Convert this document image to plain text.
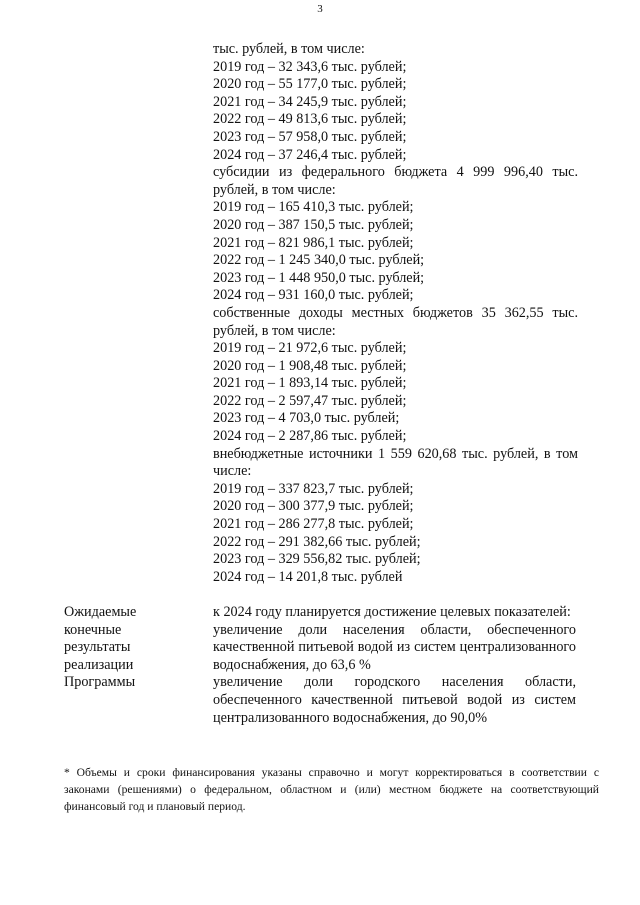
3
тыс. рублей, в том числе:
2019 год – 32 343,6 тыс. рублей;
2020 год – 55 177,0 тыс. рублей;
2021 год – 34 245,9 тыс. рублей;
2022 год – 49 813,6 тыс. рублей;
2023 год – 57 958,0 тыс. рублей;
2024 год – 37 246,4 тыс. рублей;
субсидии из федерального бюджета 4 999 996,40 тыс. рублей, в том числе:
2019 год – 165 410,3 тыс. рублей;
2020 год – 387 150,5 тыс. рублей;
2021 год – 821 986,1 тыс. рублей;
2022 год – 1 245 340,0 тыс. рублей;
2023 год – 1 448 950,0 тыс. рублей;
2024 год – 931 160,0 тыс. рублей;
собственные доходы местных бюджетов 35 362,55 тыс. рублей, в том числе:
2019 год – 21 972,6 тыс. рублей;
2020 год – 1 908,48 тыс. рублей;
2021 год – 1 893,14 тыс. рублей;
2022 год – 2 597,47 тыс. рублей;
2023 год – 4 703,0 тыс. рублей;
2024 год – 2 287,86 тыс. рублей;
внебюджетные источники 1 559 620,68 тыс. рублей, в том числе:
2019 год – 337 823,7 тыс. рублей;
2020 год – 300 377,9 тыс. рублей;
2021 год – 286 277,8 тыс. рублей;
2022 год – 291 382,66 тыс. рублей;
2023 год – 329 556,82 тыс. рублей;
2024 год – 14 201,8 тыс. рублей
Ожидаемые
конечные
результаты
реализации
Программы
к 2024 году планируется достижение целевых показателей:
увеличение доли населения области, обеспеченного качественной питьевой водой из систем централизованного водоснабжения, до 63,6 %
увеличение доли городского населения области, обеспеченного качественной питьевой водой из систем централизованного водоснабжения, до 90,0%
* Объемы и сроки финансирования указаны справочно и могут корректироваться в соответствии с законами (решениями) о федеральном, областном и (или) местном бюджете на соответствующий финансовый год и плановый период.
